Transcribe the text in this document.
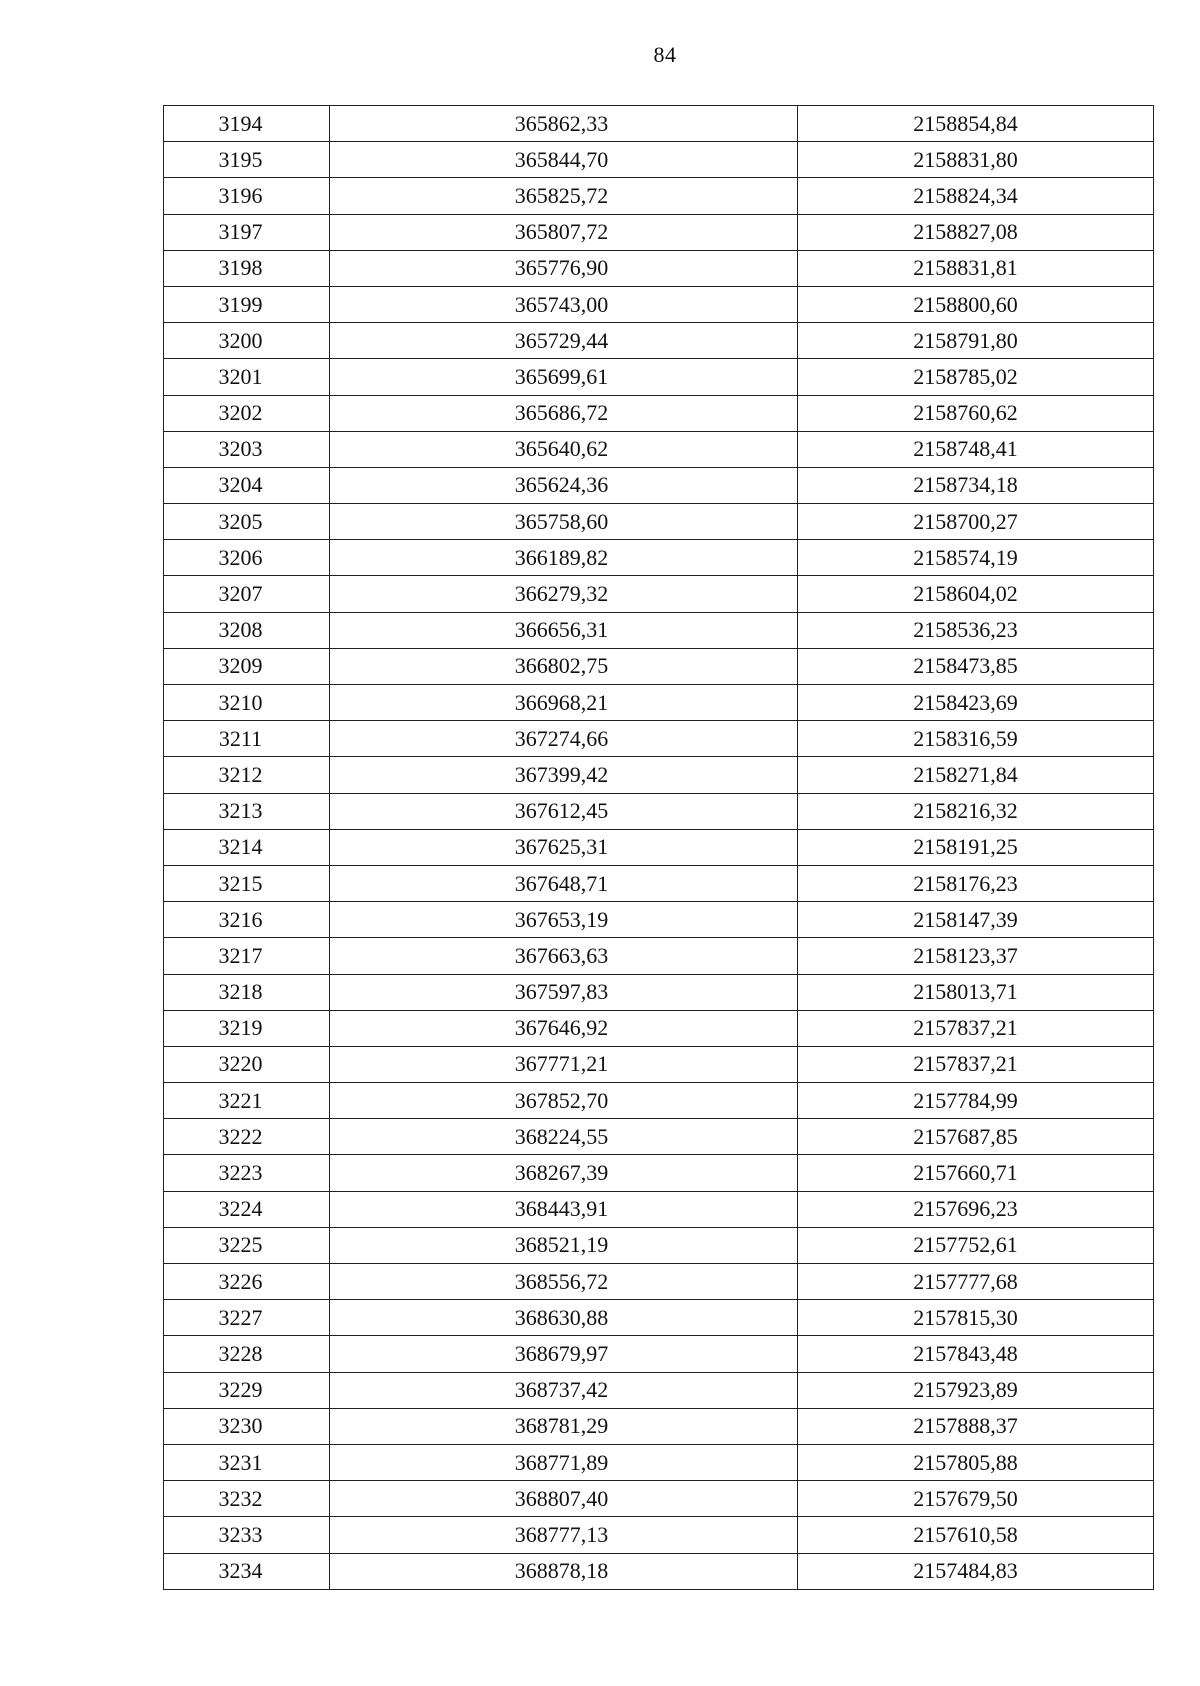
84
3194	365862,33	2158854,84
3195	365844,70	2158831,80
3196	365825,72	2158824,34
3197	365807,72	2158827,08
3198	365776,90	2158831,81
3199	365743,00	2158800,60
3200	365729,44	2158791,80
3201	365699,61	2158785,02
3202	365686,72	2158760,62
3203	365640,62	2158748,41
3204	365624,36	2158734,18
3205	365758,60	2158700,27
3206	366189,82	2158574,19
3207	366279,32	2158604,02
3208	366656,31	2158536,23
3209	366802,75	2158473,85
3210	366968,21	2158423,69
3211	367274,66	2158316,59
3212	367399,42	2158271,84
3213	367612,45	2158216,32
3214	367625,31	2158191,25
3215	367648,71	2158176,23
3216	367653,19	2158147,39
3217	367663,63	2158123,37
3218	367597,83	2158013,71
3219	367646,92	2157837,21
3220	367771,21	2157837,21
3221	367852,70	2157784,99
3222	368224,55	2157687,85
3223	368267,39	2157660,71
3224	368443,91	2157696,23
3225	368521,19	2157752,61
3226	368556,72	2157777,68
3227	368630,88	2157815,30
3228	368679,97	2157843,48
3229	368737,42	2157923,89
3230	368781,29	2157888,37
3231	368771,89	2157805,88
3232	368807,40	2157679,50
3233	368777,13	2157610,58
3234	368878,18	2157484,83
